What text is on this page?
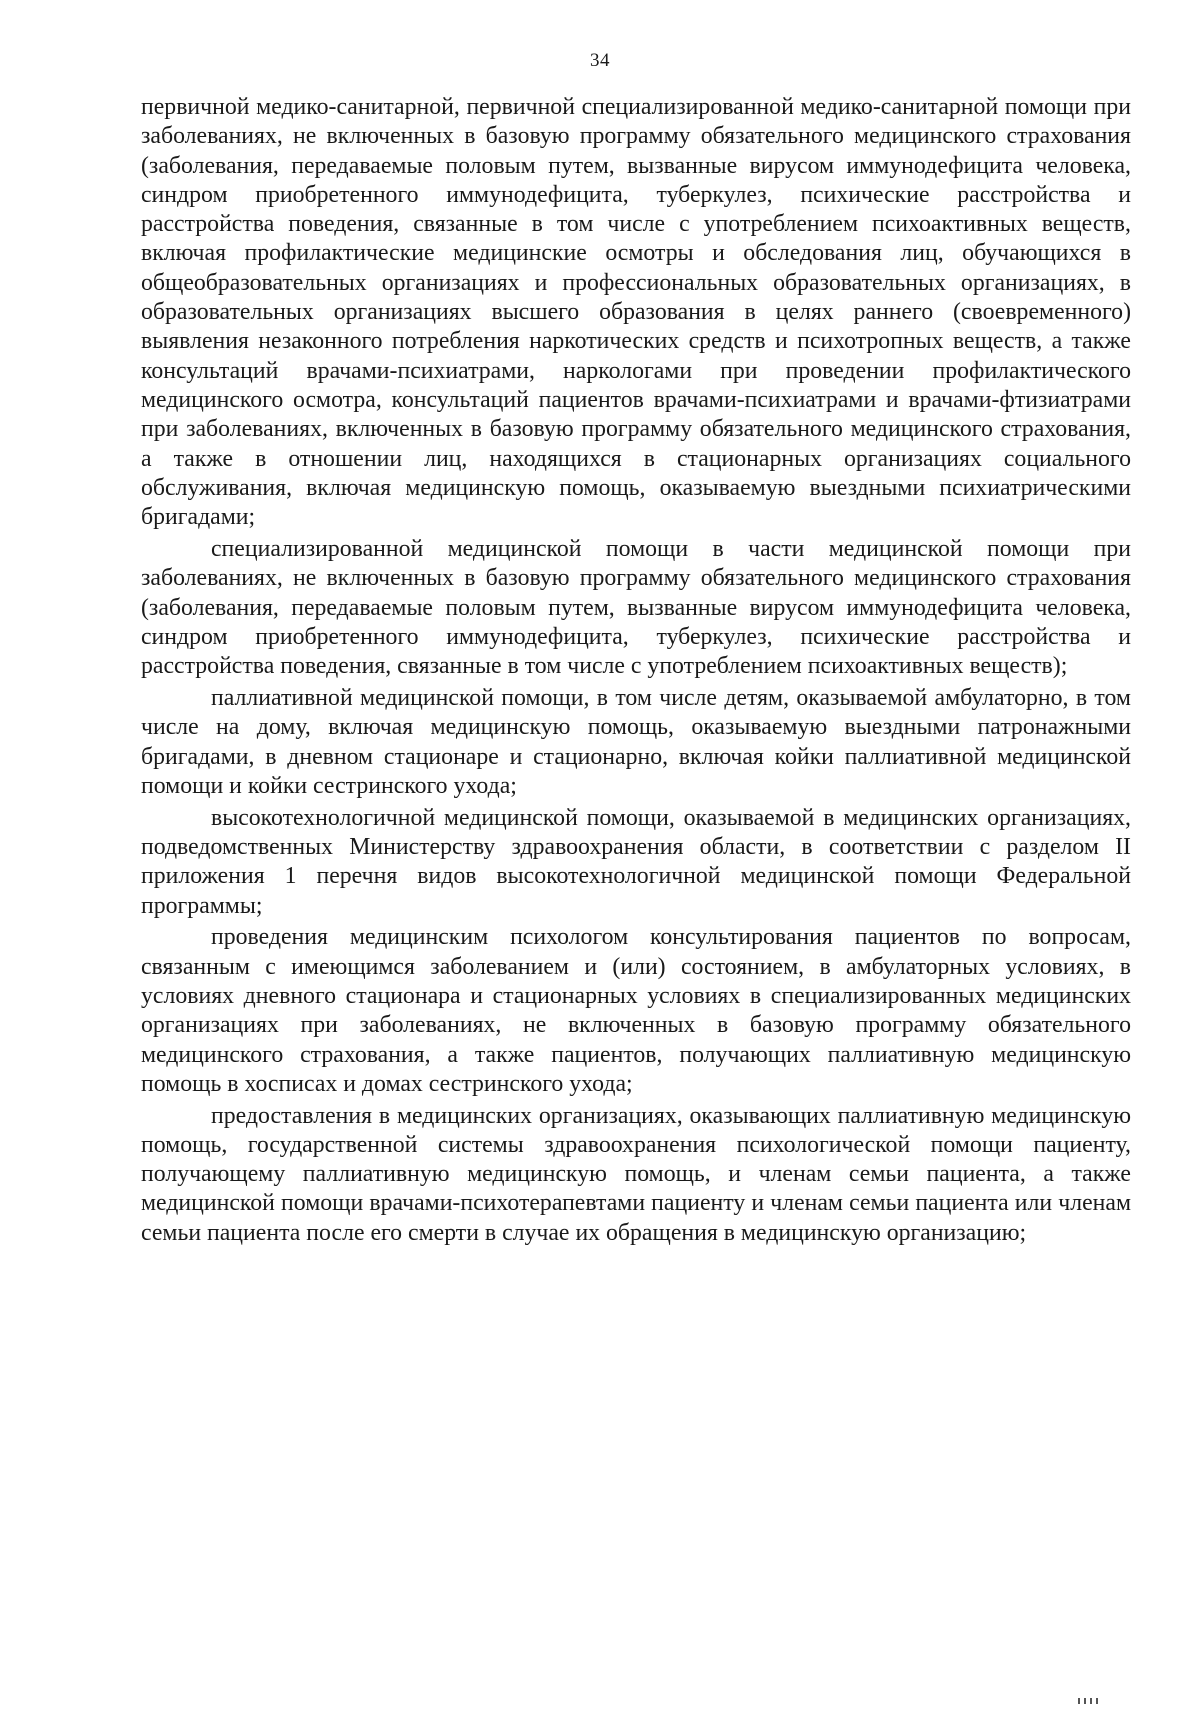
34

первичной медико-санитарной, первичной специализированной медико-санитарной помощи при заболеваниях, не включенных в базовую программу обязательного медицинского страхования (заболевания, передаваемые половым путем, вызванные вирусом иммунодефицита человека, синдром приобретенного иммунодефицита, туберкулез, психические расстройства и расстройства поведения, связанные в том числе с употреблением психоактивных веществ, включая профилактические медицинские осмотры и обследования лиц, обучающихся в общеобразовательных организациях и профессиональных образовательных организациях, в образовательных организациях высшего образования в целях раннего (своевременного) выявления незаконного потребления наркотических средств и психотропных веществ, а также консультаций врачами-психиатрами, наркологами при проведении профилактического медицинского осмотра, консультаций пациентов врачами-психиатрами и врачами-фтизиатрами при заболеваниях, включенных в базовую программу обязательного медицинского страхования, а также в отношении лиц, находящихся в стационарных организациях социального обслуживания, включая медицинскую помощь, оказываемую выездными психиатрическими бригадами;

специализированной медицинской помощи в части медицинской помощи при заболеваниях, не включенных в базовую программу обязательного медицинского страхования (заболевания, передаваемые половым путем, вызванные вирусом иммунодефицита человека, синдром приобретенного иммунодефицита, туберкулез, психические расстройства и расстройства поведения, связанные в том числе с употреблением психоактивных веществ);

паллиативной медицинской помощи, в том числе детям, оказываемой амбулаторно, в том числе на дому, включая медицинскую помощь, оказываемую выездными патронажными бригадами, в дневном стационаре и стационарно, включая койки паллиативной медицинской помощи и койки сестринского ухода;

высокотехнологичной медицинской помощи, оказываемой в медицинских организациях, подведомственных Министерству здравоохранения области, в соответствии с разделом II приложения 1 перечня видов высокотехнологичной медицинской помощи Федеральной программы;

проведения медицинским психологом консультирования пациентов по вопросам, связанным с имеющимся заболеванием и (или) состоянием, в амбулаторных условиях, в условиях дневного стационара и стационарных условиях в специализированных медицинских организациях при заболеваниях, не включенных в базовую программу обязательного медицинского страхования, а также пациентов, получающих паллиативную медицинскую помощь в хосписах и домах сестринского ухода;

предоставления в медицинских организациях, оказывающих паллиативную медицинскую помощь, государственной системы здравоохранения психологической помощи пациенту, получающему паллиативную медицинскую помощь, и членам семьи пациента, а также медицинской помощи врачами-психотерапевтами пациенту и членам семьи пациента или членам семьи пациента после его смерти в случае их обращения в медицинскую организацию;
